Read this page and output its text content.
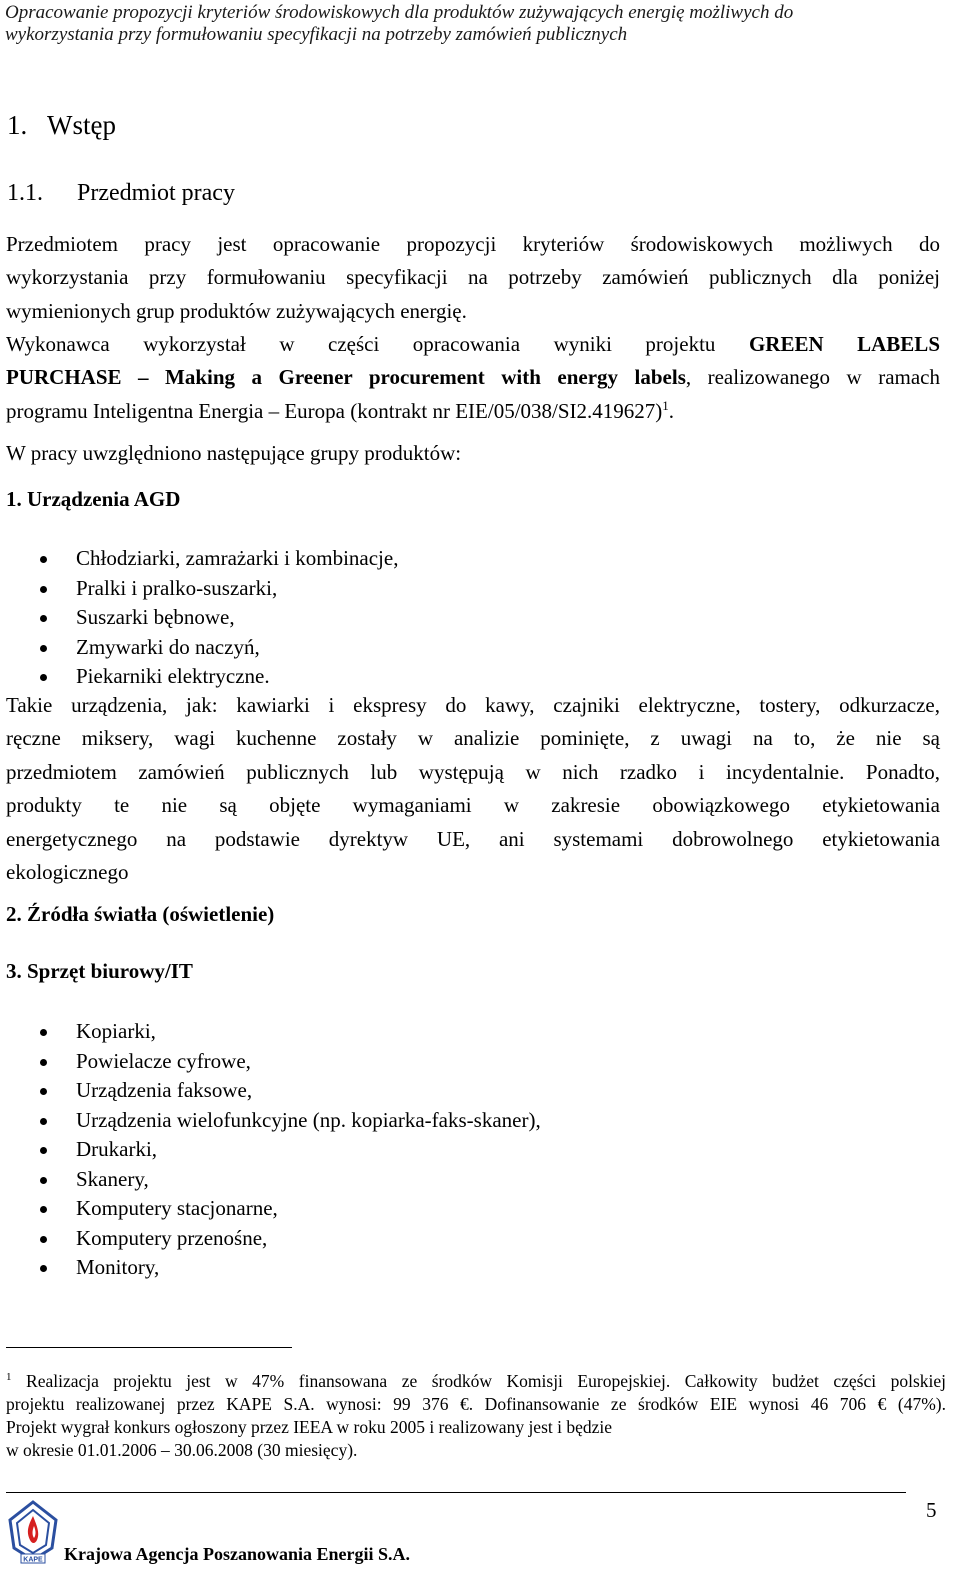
Opracowanie propozycji kryteriów środowiskowych dla produktów zużywających energię możliwych do
wykorzystania przy formułowaniu specyfikacji na potrzeby zamówień publicznych
1. Wstęp
1.1. Przedmiot pracy
Przedmiotem pracy jest opracowanie propozycji kryteriów środowiskowych możliwych do
wykorzystania przy formułowaniu specyfikacji na potrzeby zamówień publicznych dla poniżej
wymienionych grup produktów zużywających energię.
Wykonawca wykorzystał w części opracowania wyniki projektu GREEN LABELS
PURCHASE – Making a Greener procurement with energy labels, realizowanego w ramach
programu Inteligentna Energia – Europa (kontrakt nr EIE/05/038/SI2.419627)$^1$.
W pracy uwzględniono następujące grupy produktów:
1. Urządzenia AGD
Chłodziarki, zamrażarki i kombinacje,
Pralki i pralko-suszarki,
Suszarki bębnowe,
Zmywarki do naczyń,
Piekarniki elektryczne.
Takie urządzenia, jak: kawiarki i ekspresy do kawy, czajniki elektryczne, tostery, odkurzacze,
ręczne miksery, wagi kuchenne zostały w analizie pominięte, z uwagi na to, że nie są
przedmiotem zamówień publicznych lub występują w nich rzadko i incydentalnie. Ponadto,
produkty te nie są objęte wymaganiami w zakresie obowiązkowego etykietowania
energetycznego na podstawie dyrektyw UE, ani systemami dobrowolnego etykietowania
ekologicznego
2. Źródła światła (oświetlenie)
3. Sprzęt biurowy/IT
Kopiarki,
Powielacze cyfrowe,
Urządzenia faksowe,
Urządzenia wielofunkcyjne (np. kopiarka-faks-skaner),
Drukarki,
Skanery,
Komputery stacjonarne,
Komputery przenośne,
Monitory,
$^1$ Realizacja projektu jest w 47% finansowana ze środków Komisji Europejskiej. Całkowity budżet części polskiej
projektu realizowanej przez KAPE S.A. wynosi: 99 376 €. Dofinansowanie ze środków EIE wynosi 46 706 € (47%).
Projekt wygrał konkurs ogłoszony przez IEEA w roku 2005 i realizowany jest i będzie
w okresie 01.01.2006 – 30.06.2008 (30 miesięcy).
KAPE
5
Krajowa Agencja Poszanowania Energii S.A.
